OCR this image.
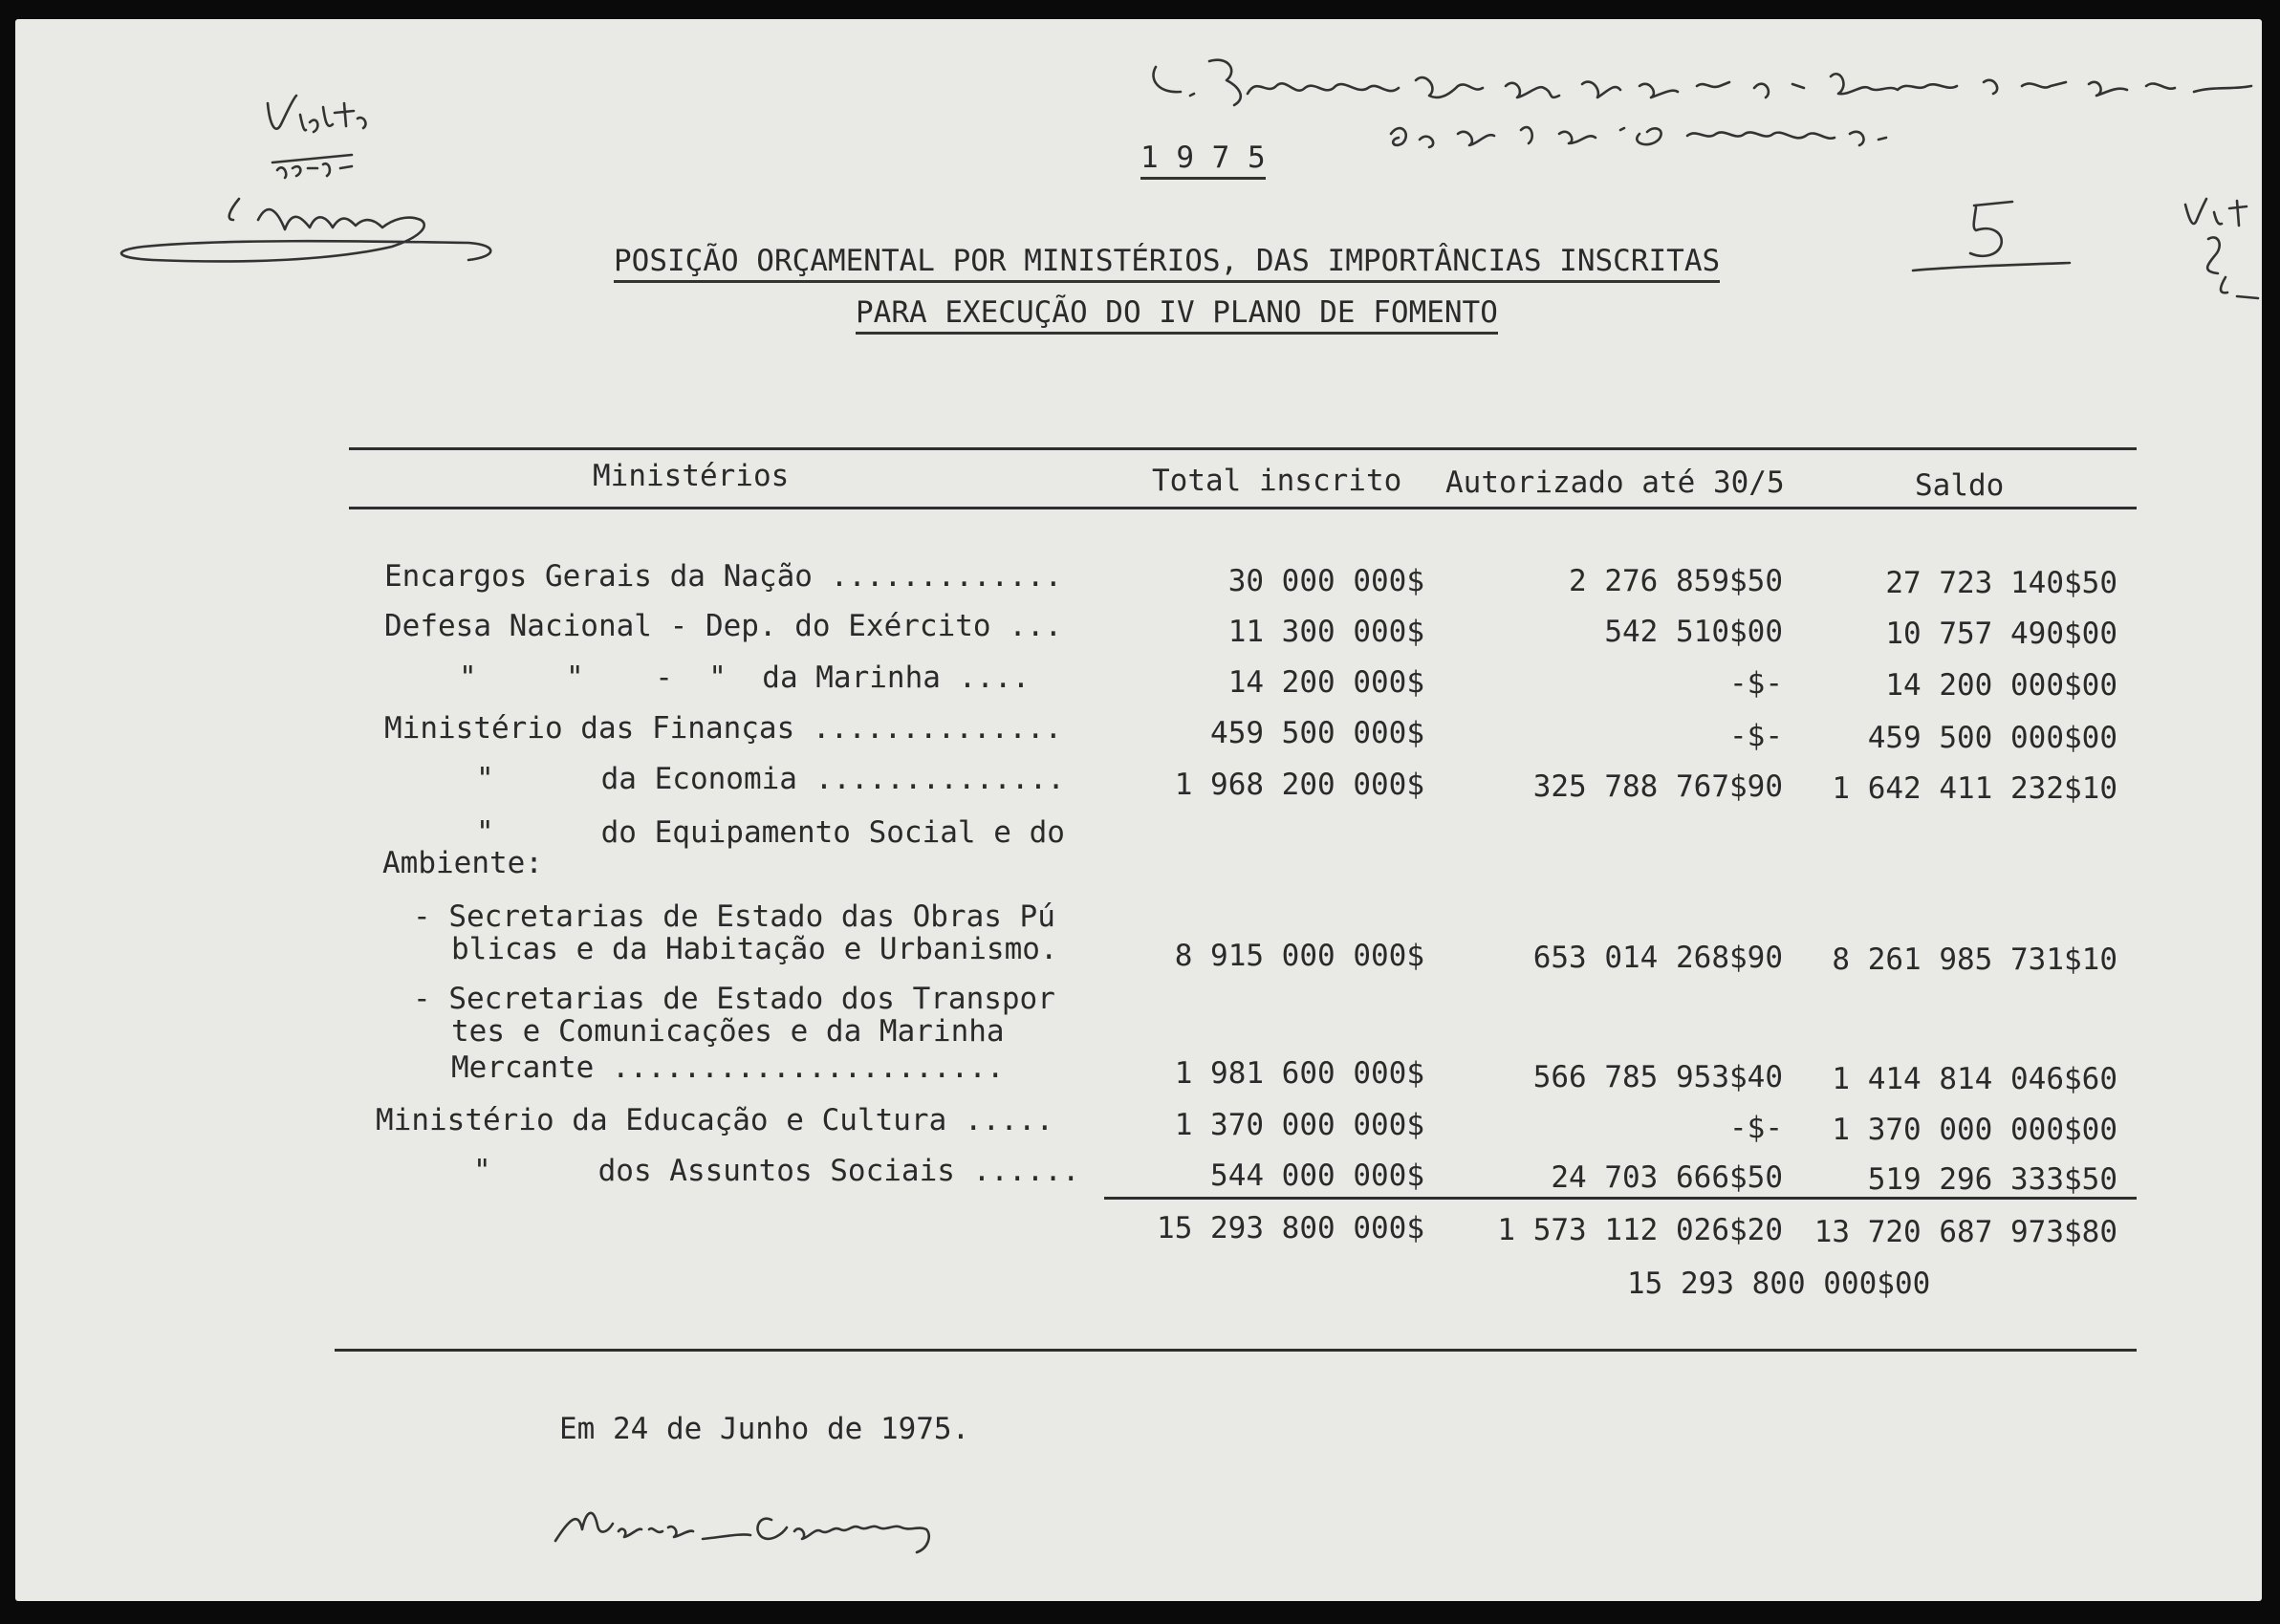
1 9 7 5
POSIÇÃO ORÇAMENTAL POR MINISTÉRIOS, DAS IMPORTÂNCIAS INSCRITAS
PARA EXECUÇÃO DO IV PLANO DE FOMENTO
Ministérios	Total inscrito Autorizado até 30/5	Saldo
Encargos Gerais da Nação .............	30 000 000$	2 276 859$50	27 723 140$50
Defesa Nacional - Dep. do Exército ...	11 300 000$	542 510$00	10 757 490$00
"     "    -  "  da Marinha ....	14 200 000$	-$-	14 200 000$00
Ministério das Finanças ..............	459 500 000$	-$-	459 500 000$00
"      da Economia ..............	1 968 200 000$	325 788 767$90 1 642 411 232$10
"      do Equipamento Social e do
Ambiente:
- Secretarias de Estado das Obras Pú
blicas e da Habitação e Urbanismo.	8 915 000 000$	653 014 268$90 8 261 985 731$10
- Secretarias de Estado dos Transpor
tes e Comunicações e da Marinha
Mercante ......................	1 981 600 000$	566 785 953$40 1 414 814 046$60
Ministério da Educação e Cultura .....	1 370 000 000$	-$- 1 370 000 000$00
"      dos Assuntos Sociais ......	544 000 000$	24 703 666$50	519 296 333$50
15 293 800 000$ 1 573 112 026$20 13 720 687 973$80
15 293 800 000$00
Em 24 de Junho de 1975.
